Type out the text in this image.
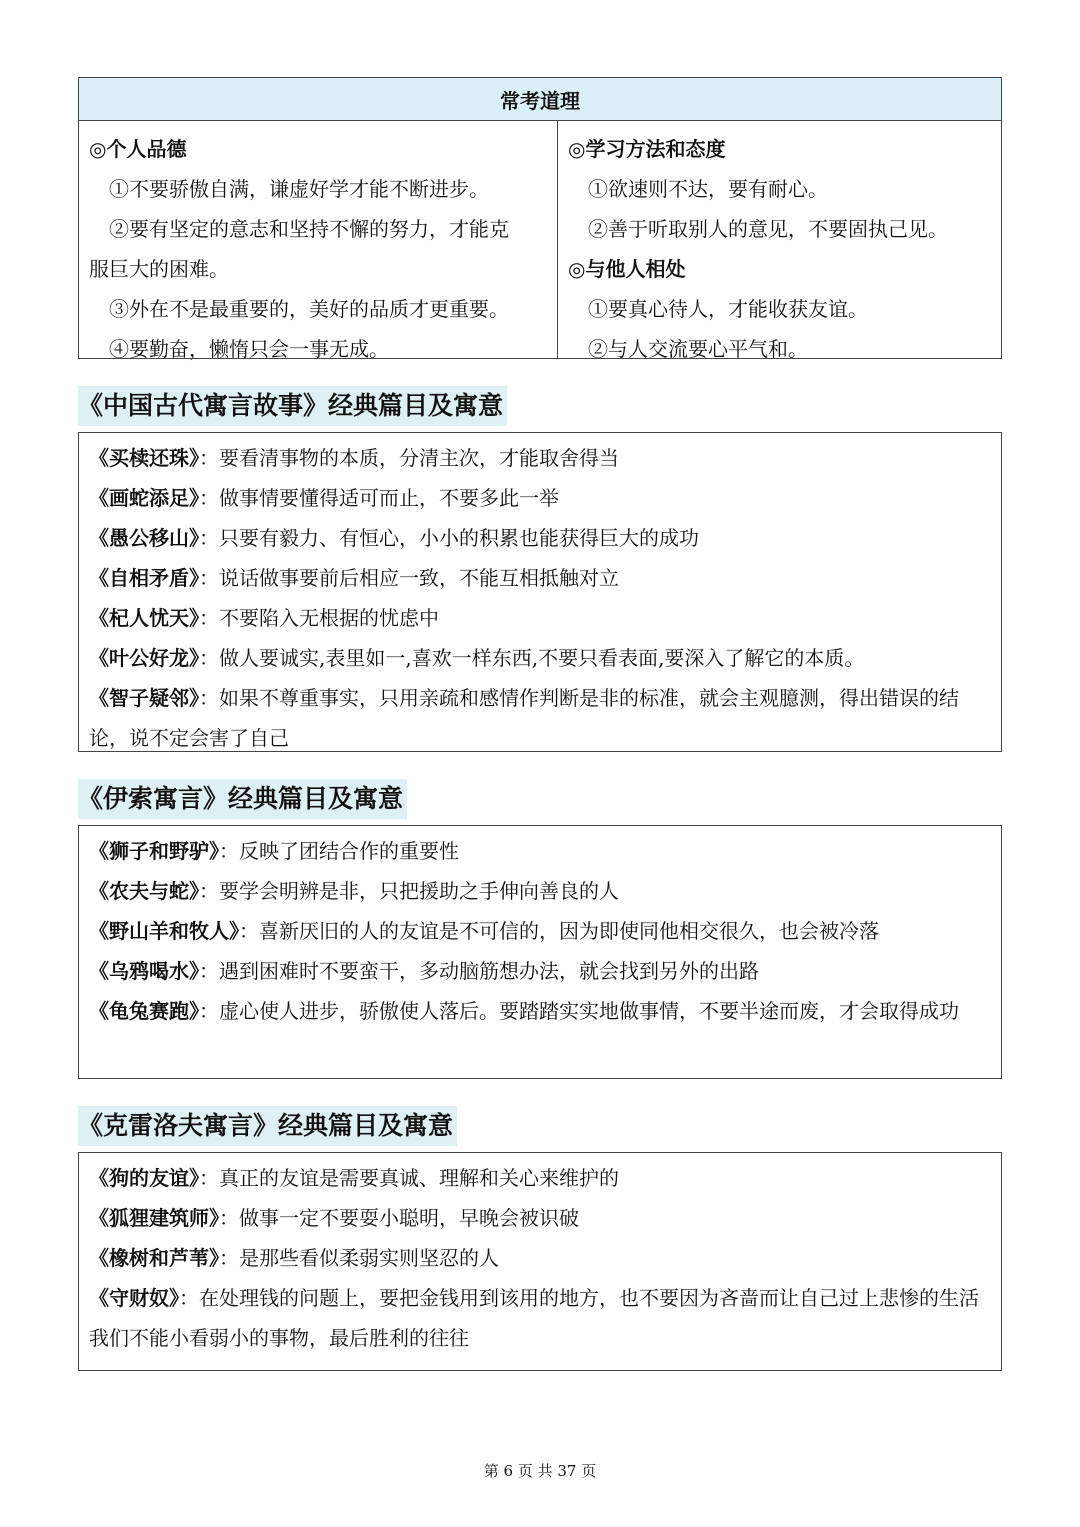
常考道理
◎个人品德
①不要骄傲自满，谦虚好学才能不断进步。
②要有坚定的意志和坚持不懈的努力，才能克
服巨大的困难。
③外在不是最重要的，美好的品质才更重要。
④要勤奋，懒惰只会一事无成。
◎学习方法和态度
①欲速则不达，要有耐心。
②善于听取别人的意见，不要固执己见。
◎与他人相处
①要真心待人，才能收获友谊。
②与人交流要心平气和。
《中国古代寓言故事》经典篇目及寓意
《买椟还珠》：要看清事物的本质，分清主次，才能取舍得当
《画蛇添足》：做事情要懂得适可而止，不要多此一举
《愚公移山》：只要有毅力、有恒心，小小的积累也能获得巨大的成功
《自相矛盾》：说话做事要前后相应一致，不能互相抵触对立
《杞人忧天》：不要陷入无根据的忧虑中
《叶公好龙》：做人要诚实,表里如一,喜欢一样东西,不要只看表面,要深入了解它的本质。
《智子疑邻》：如果不尊重事实，只用亲疏和感情作判断是非的标准，就会主观臆测，得出错误的结论，说不定会害了自己
《伊索寓言》经典篇目及寓意
《狮子和野驴》：反映了团结合作的重要性
《农夫与蛇》：要学会明辨是非，只把援助之手伸向善良的人
《野山羊和牧人》：喜新厌旧的人的友谊是不可信的，因为即使同他相交很久，也会被冷落
《乌鸦喝水》：遇到困难时不要蛮干，多动脑筋想办法，就会找到另外的出路
《龟兔赛跑》：虚心使人进步，骄傲使人落后。要踏踏实实地做事情，不要半途而废，才会取得成功
《克雷洛夫寓言》经典篇目及寓意
《狗的友谊》：真正的友谊是需要真诚、理解和关心来维护的
《狐狸建筑师》：做事一定不要耍小聪明，早晚会被识破
《橡树和芦苇》：是那些看似柔弱实则坚忍的人
《守财奴》：在处理钱的问题上，要把金钱用到该用的地方，也不要因为吝啬而让自己过上悲惨的生活我们不能小看弱小的事物，最后胜利的往往
第 6 页 共 37 页
